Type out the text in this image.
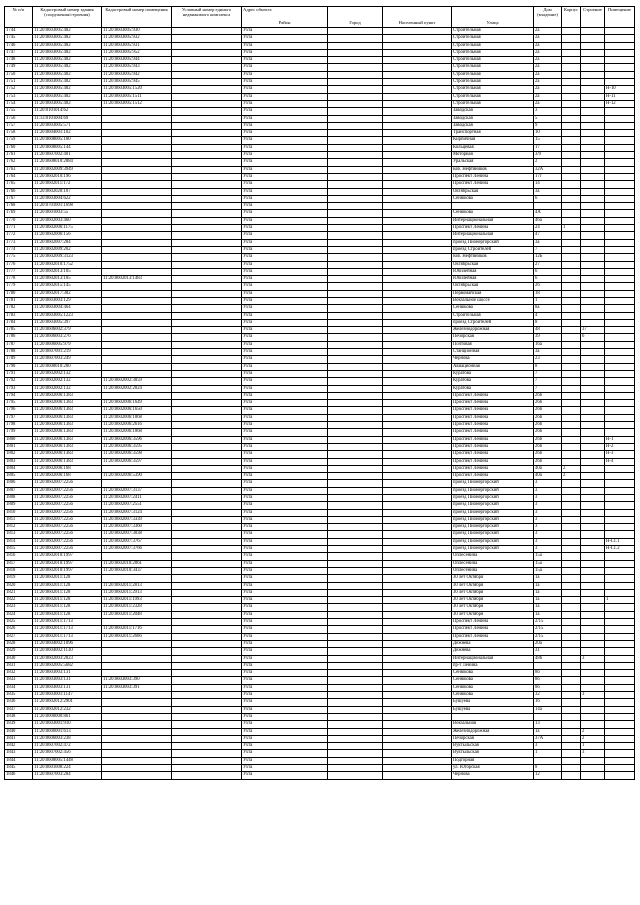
№ п/п	Кадастровый номер здания (сооружения/строения)	Кадастровый номер помещения	Условный номер единого недвижимого комплекса	Адрес объекта
Район	Город	Населенный пункт	Улица	Дом (владение)	Корпус	Строение	Помещение
1744	11:20:0603005:482	11:20:0603005:930		Ухта			Строительная	2а			
1745	11:20:0603005:482	11:20:0603005:932		Ухта			Строительная	2а			
1746	11:20:0603005:482	11:20:0603005:931		Ухта			Строительная	2а			
1747	11:20:0603005:482	11:20:0603005:952		Ухта			Строительная	2а			
1748	11:20:0603005:482	11:20:0603005:944		Ухта			Строительная	2а			
1749	11:20:0603005:482	11:20:0603005:943		Ухта			Строительная	2а			
1750	11:20:0603005:482	11:20:0603005:942		Ухта			Строительная	2а			
1751	11:20:0603005:482	11:20:0603005:945		Ухта			Строительная	2а			
1752	11:20:0603005:482	11:20:0603005:1520		Ухта			Строительная	2а			Н-10
1753	11:20:0603005:482	11:20:0603005:1511		Ухта			Строительная	2а			Н-11
1754	11:20:0603005:482	11:20:0603005:1512		Ухта			Строительная	2а			Н-12
1755	11:20:0101014:62			Ухта			Заводская	3			
1756	11:13:0101004:69			Ухта			Заводская	5			
1757	11:20:0603005:571			Ухта			Заводская	9			
1758	11:20:0604001:102			Ухта			Транспортная	10			
1759	11:20:0608005:100			Ухта			Кирпичная	15			
1760	11:20:0608005:144			Ухта			Кольцевая	17			
1761	11:20:0607002:401			Ухта			Моторная	3/9			
1762	11:20:0608010:2884			Ухта			Уральская	2			
1763	11:20:0602009:3949			Ухта			наб. Нефтяников	32А			
1764	11:20:0602010:196			Ухта			Проспект Ленина	17г			
1765	11:20:0602011:172			Ухта			Проспект Ленина	14			
1766	11:20:0602020:107			Ухта			Октябрьская	3а			
1767	11:20:0603004:622			Ухта			Сенюкова	6			
1768	11:20:0701001:1698			Ухта							
1769	11:20:0601003:55			Ухта			Сенюкова	4А			
1770	11:20:0602003:460			Ухта			Интернациональная	46а			
1771	11:20:0602006:1175			Ухта			Проспект Ленина	24	1		
1772	11:20:0602006:156			Ухта			Интернациональная	47			
1773	11:20:0602007:284			Ухта			проезд Пионергорский	3а			
1774	11:20:0602009:202			Ухта			проезд Строителей	7			
1775	11:20:0602009:3123			Ухта			наб. Нефтяников	12Б			
1776	11:20:0602010:1752			Ухта			Октябрьская	27			
1777	11:20:0602013:105			Ухта			Юбилейная	6			
1778	11:20:0602013:105	11:20:0602013:1483		Ухта			Юбилейная	6			
1779	11:20:0602015:145			Ухта			Октябрьская	26			
1780	11:20:0602017:382			Ухта			Первомайская	18			
1781	11:20:0603003:129			Ухта			Вокзальное шоссе	1			
1782	11:20:0603004:464			Ухта			Сенюкова	8а			
1783	11:20:0603005:1223			Ухта			Строительная	4			
1784	11:20:0603005:397			Ухта			проезд Строителей	8			
1785	11:20:0606002:379			Ухта			Железнодорожная	48		37	
1786	11:20:0606003:276			Ухта			Печорская	39		6	
1787	11:20:0606005:979			Ухта			Почтовая	16а			
1788	11:20:0607001:219			Ухта			Станционная	3а			
1789	11:20:0607003:249			Ухта			Чернова	23			
1790	11:20:0608010:200			Ухта			Авиационная	8			
1791	11:20:0602002:132			Ухта			Куратова	7			
1792	11:20:0602002:132	11:20:0602002:3059		Ухта			Куратова	7			
1793	11:20:0602002:132	11:20:0602002:2824		Ухта			Куратова	7			
1794	11:20:0602006:1383			Ухта			Проспект Ленина	26б			
1795	11:20:0602006:1383	11:20:0602006:1649		Ухта			Проспект Ленина	26б			
1796	11:20:0602006:1383	11:20:0602006:1650		Ухта			Проспект Ленина	26б			
1797	11:20:0602006:1383	11:20:0602006:1868		Ухта			Проспект Ленина	26б			
1798	11:20:0602006:1383	11:20:0602006:2616		Ухта			Проспект Ленина	26б			
1799	11:20:0602006:1383	11:20:0602006:1868		Ухта			Проспект Ленина	26б			
1800	11:20:0602006:1383	11:20:0602006:3596		Ухта			Проспект Ленина	26б			Н-1
1801	11:20:0602006:1383	11:20:0602006:3595		Ухта			Проспект Ленина	26б			Н-2
1802	11:20:0602006:1383	11:20:0602006:3598		Ухта			Проспект Ленина	26б			Н-3
1803	11:20:0602006:1383	11:20:0602006:3597		Ухта			Проспект Ленина	26б			Н-4
1804	11:20:0602006:168			Ухта			Проспект Ленина	40а	2		
1805	11:20:0602006:168	11:20:0602006:5390		Ухта			Проспект Ленина	40а	2		
1806	11:20:0602007:2256			Ухта			проезд Пионергорский	3			
1807	11:20:0602007:2256	11:20:0602007:3137		Ухта			проезд Пионергорский	3			
1808	11:20:0602007:2256	11:20:0602007:2411		Ухта			проезд Пионергорский	3			
1809	11:20:0602007:2256	11:20:0602007:2551		Ухта			проезд Пионергорский	3			
1810	11:20:0602007:2256	11:20:0602007:3124		Ухта			проезд Пионергорский	3			
1811	11:20:0602007:2256	11:20:0602007:3339		Ухта			проезд Пионергорский	3			
1812	11:20:0602007:2256	11:20:0602007:3360		Ухта			проезд Пионергорский	3			
1813	11:20:0602007:2256	11:20:0602007:3038		Ухта			проезд Пионергорский	3			
1814	11:20:0602007:2256	11:20:0602007:3767		Ухта			проезд Пионергорский	3			Н-I.1.1
1815	11:20:0602007:2256	11:20:0602007:3766		Ухта			проезд Пионергорский	3			Н-I.1.2
1816	11:20:0602010:1997			Ухта			Оплесенина	15а			
1817	11:20:0602010:1997	11:20:0602010:2061		Ухта			Оплесенина	15а			
1818	11:20:0602010:1997	11:20:0602010:3437		Ухта			Оплесенина	15а			
1819	11:20:0602011:128			Ухта			30 лет Октября	1а			
1820	11:20:0602011:128	11:20:0602011:2813		Ухта			30 лет Октября	1а			
1821	11:20:0602011:128	11:20:0602011:2913		Ухта			30 лет Октября	1а			
1822	11:20:0602011:128	11:20:0602011:1993		Ухта			30 лет Октября	1а			1
1823	11:20:0602011:128	11:20:0602011:2328		Ухта			30 лет Октября	1а			
1824	11:20:0602011:128	11:20:0602011:2048		Ухта			30 лет Октября	1а			
1825	11:20:0602011:1713			Ухта			Проспект Ленина	2/15			
1826	11:20:0602011:1713	11:20:0602011:1716		Ухта			Проспект Ленина	2/15			
1827	11:20:0602011:1713	11:20:0602011:2666		Ухта			Проспект Ленина	2/15			
1828	11:20:0604002:1096			Ухта			Дежнева	20а			
1829	11:20:0604002:1130			Ухта			Дежнева	31			
1830	11:20:0602003:2023			Ухта			Интернациональная	48б		3	
1831	11:20:0602005:5682			Ухта			пр-т Ленина				
1832	11:20:0603003:131			Ухта			Сенюкова	8б			
1833	11:20:0603003:131	11:20:0603003:390		Ухта			Сенюкова	8б			
1834	11:20:0603003:131	11:20:0603003:391		Ухта			Сенюкова	8б			
1835	11:20:0603001:1147			Ухта			Сенюкова	32		3	
1836	11:20:0602012:2901			Ухта			Бушуева	16			
1837	11:20:0602012:232			Ухта			Бушуева	14а			
1838	11:20:0000000:861			Ухта							
1839	11:20:0603001:910			Ухта			Вокзальная	13			
1840	11:20:0606001:613			Ухта			Железнодорожная	1а		2	
1841	11:20:0606003:238			Ухта			Печорская	37А		2	
1842	11:20:0607002:472			Ухта			Вуктыльская	3		1	
1843	11:20:0607002:456			Ухта			Вуктыльская	1		3	
1844	11:20:0608005:1448			Ухта			Подгорная				
1845	11:20:0601008:224			Ухта			ул. Югорская	8			
1846	11:20:0607003:284			Ухта			Чернова	12			
